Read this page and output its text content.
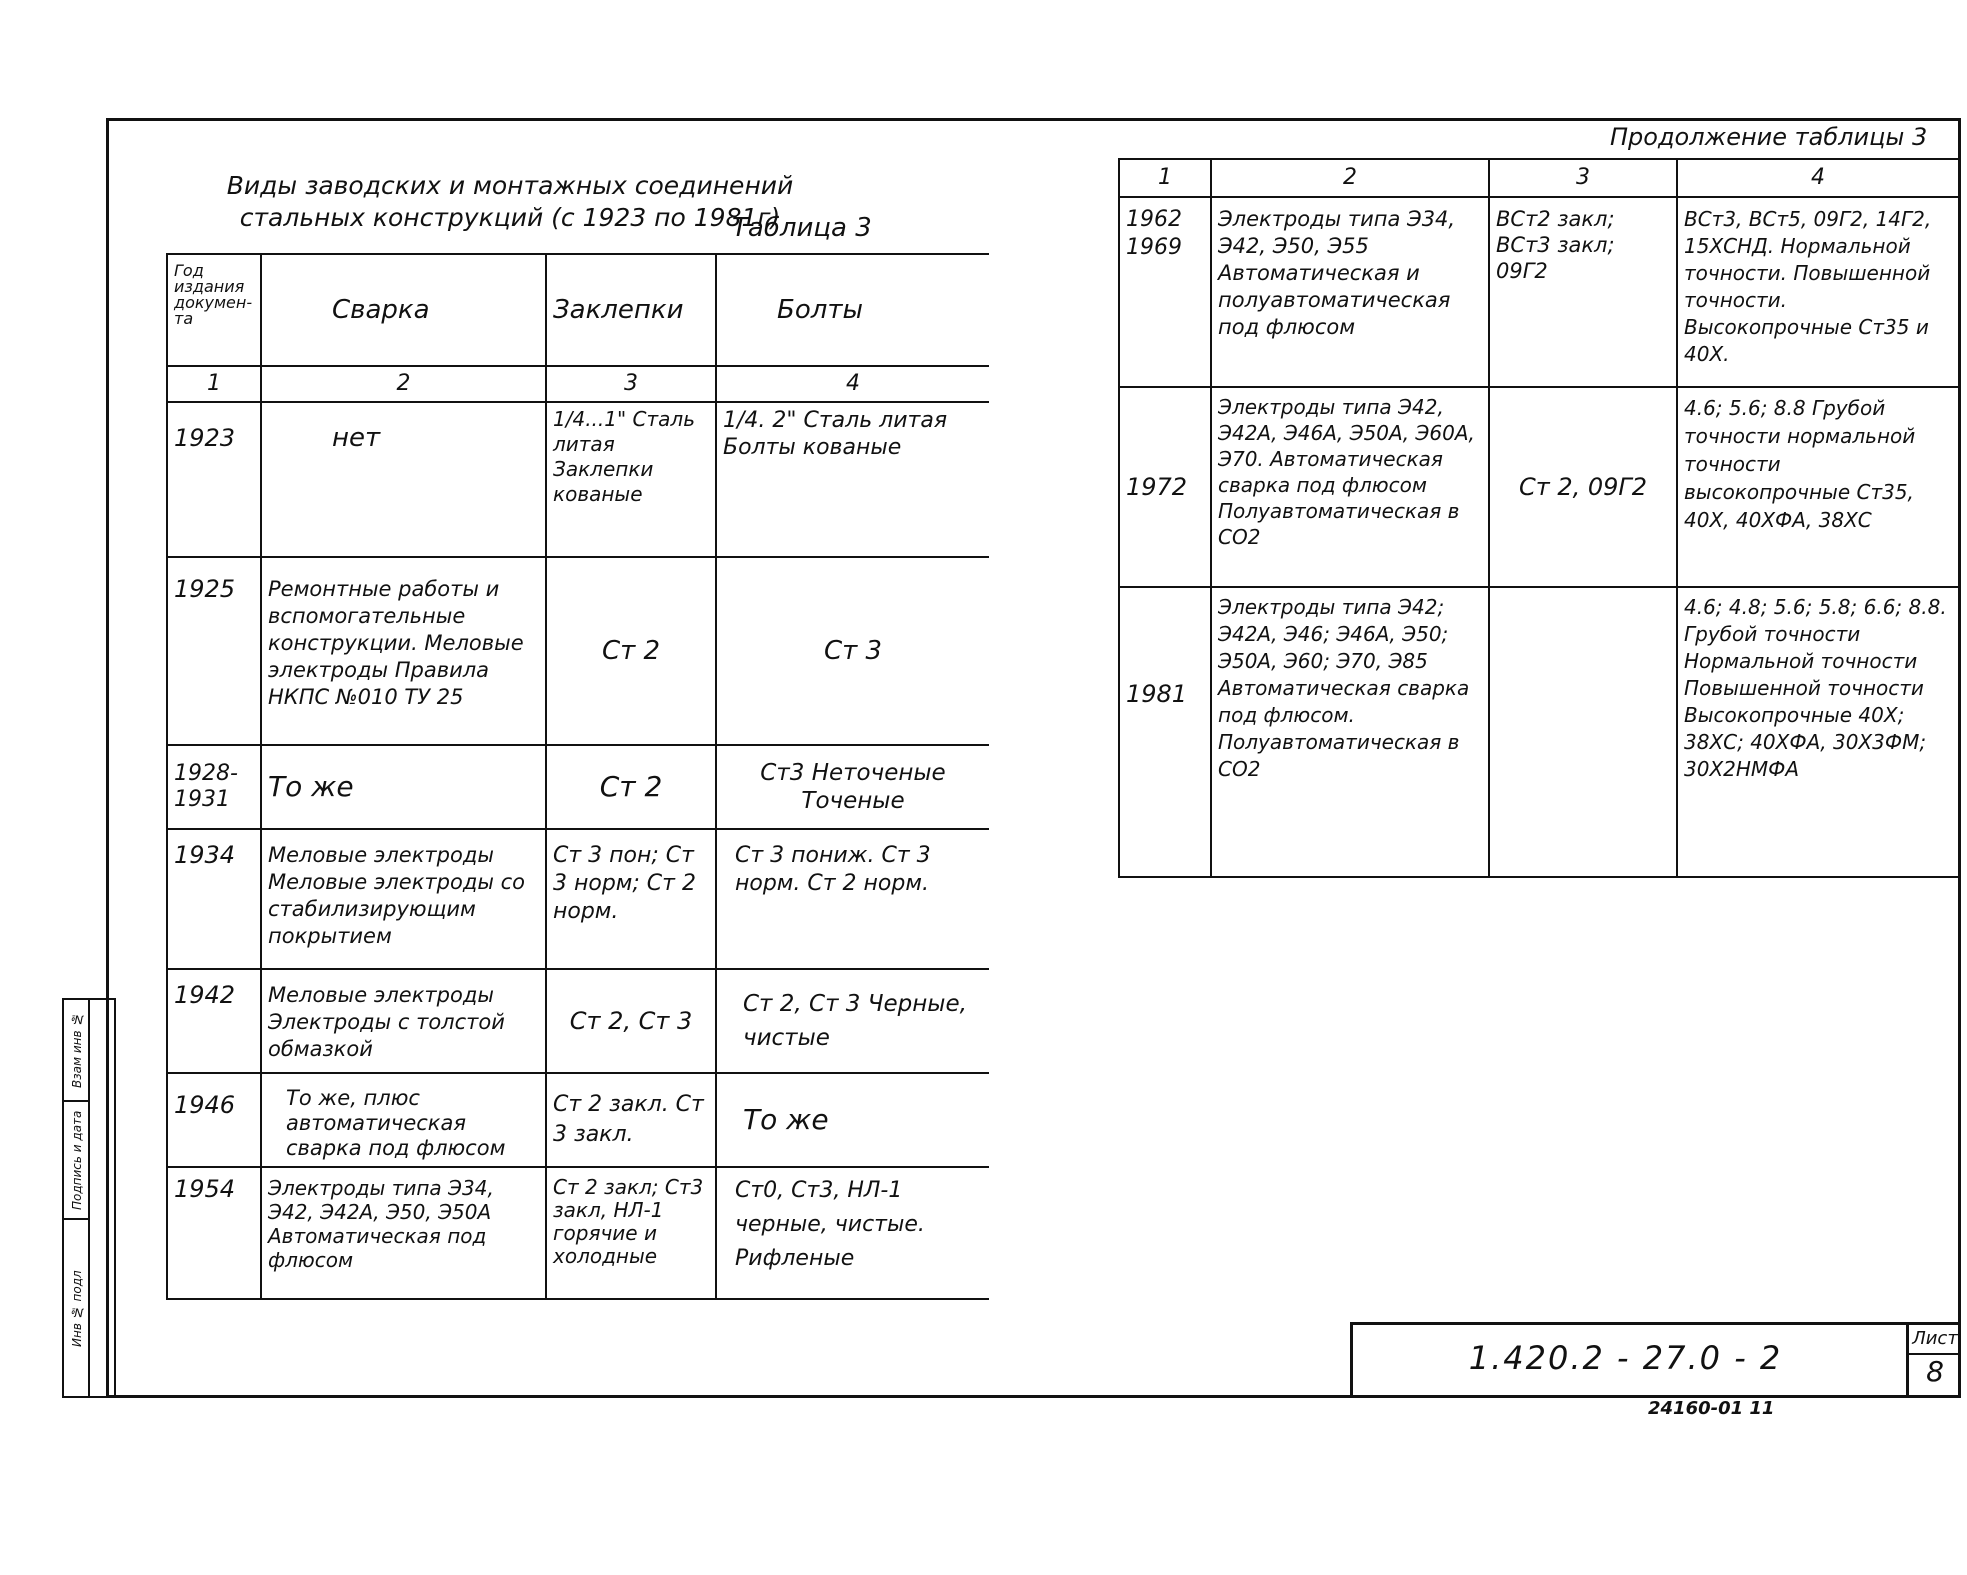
Инв № подл
Подпись и дата
Взам инв №
Виды заводских и монтажных соединений
стальных конструкций (с 1923 по 1981г)
Таблица 3
Продолжение таблицы 3
Год издания докумен-та	Сварка	Заклепки	Болты
1	2	3	4
1923	нет	1/4...1" Сталь литая Заклепки кованые	1/4. 2" Сталь литая Болты кованые
1925	Ремонтные работы и вспомогательные конструкции. Меловые электроды Правила НКПС №010 ТУ 25	Ст 2	Ст 3
1928-1931	То же	Ст 2	Ст3 Неточеные Точеные
1934	Меловые электроды Меловые электроды со стабилизирующим покрытием	Ст 3 пон; Ст 3 норм; Ст 2 норм.	Ст 3 пониж. Ст 3 норм. Ст 2 норм.
1942	Меловые электроды Электроды с толстой обмазкой	Ст 2, Ст 3	Ст 2, Ст 3 Черные, чистые
1946	То же, плюс автоматическая сварка под флюсом	Ст 2 закл. Ст 3 закл.	То же
1954	Электроды типа Э34, Э42, Э42А, Э50, Э50А Автоматическая под флюсом	Ст 2 закл; Ст3 закл, НЛ-1 горячие и холодные	Ст0, Ст3, НЛ-1 черные, чистые. Рифленые
1	2	3	4
1962 1969	Электроды типа Э34, Э42, Э50, Э55 Автоматическая и полуавтоматическая под флюсом	ВСт2 закл; ВСт3 закл; 09Г2	ВСт3, ВСт5, 09Г2, 14Г2, 15ХСНД. Нормальной точности. Повышенной точности. Высокопрочные Ст35 и 40Х.
1972	Электроды типа Э42, Э42А, Э46А, Э50А, Э60А, Э70. Автоматическая сварка под флюсом Полуавтоматическая в СО2	Ст 2, 09Г2	4.6; 5.6; 8.8 Грубой точности нормальной точности высокопрочные Ст35, 40Х, 40ХФА, 38ХС
1981	Электроды типа Э42; Э42А, Э46; Э46А, Э50; Э50А, Э60; Э70, Э85 Автоматическая сварка под флюсом. Полуавтоматическая в СО2		4.6; 4.8; 5.6; 5.8; 6.6; 8.8. Грубой точности Нормальной точности Повышенной точности Высокопрочные 40Х; 38ХС; 40ХФА, 30Х3ФМ; 30Х2НМФА
1.420.2 - 27.0 - 2
Лист
8
24160-01 11
